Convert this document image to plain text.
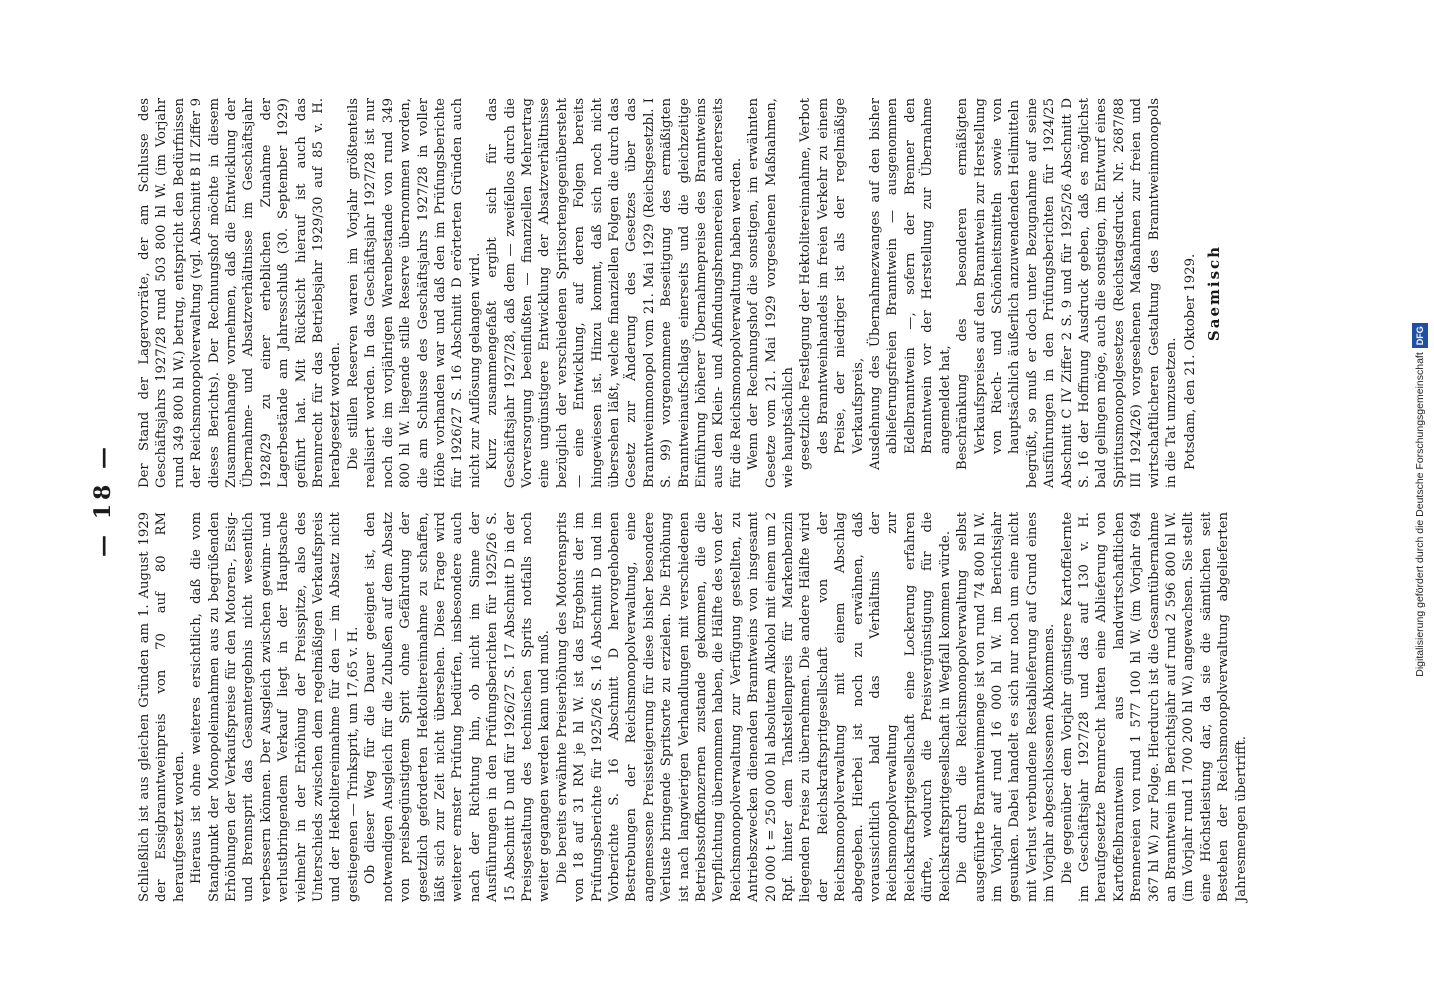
— 18 —

Schließlich ist aus gleichen Gründen am 1. August 1929 der Essigbranntweinpreis von 70 auf 80 RM heraufgesetzt worden. Hieraus ist ohne weiteres ersichtlich, daß die vom Standpunkt der Monopoleinnahmen aus zu begrüßenden Erhöhungen der Verkaufspreise für den Motoren-, Essig- und Brennsprit das Gesamtergebnis nicht wesentlich verbessern können. Der Ausgleich zwischen gewinn- und verlustbringendem Verkauf liegt in der Hauptsache vielmehr in der Erhöhung der Preisspitze, also des Unterschieds zwischen dem regelmäßigen Verkaufspreis und der Hektolitereinnahme für den — im Absatz nicht gestiegenen — Trinksprit, um 17,65 v. H. Ob dieser Weg für die Dauer geeignet ist, den notwendigen Ausgleich für die Zubußen auf dem Absatz von preisbegünstigtem Sprit ohne Gefährdung der gesetzlich geforderten Hektolitereinnahme zu schaffen, läßt sich zur Zeit nicht übersehen. Diese Frage wird weiterer ernster Prüfung bedürfen, insbesondere auch nach der Richtung hin, ob nicht im Sinne der Ausführungen in den Prüfungsberichten für 1925/26 S. 15 Abschnitt D und für 1926/27 S. 17 Abschnitt D in der Preisgestaltung des technischen Sprits notfalls noch weiter gegangen werden kann und muß. Die bereits erwähnte Preiserhöhung des Motorensprits von 18 auf 31 RM je hl W. ist das Ergebnis der im Prüfungsberichte für 1925/26 S. 16 Abschnitt D und im Vorberichte S. 16 Abschnitt D hervorgehobenen Bestrebungen der Reichsmonopolverwaltung, eine angemessene Preissteigerung für diese bisher besondere Verluste bringende Spritsorte zu erzielen. Die Erhöhung ist nach langwierigen Verhandlungen mit verschiedenen Betriebsstoffkonzernen zustande gekommen, die die Verpflichtung übernommen haben, die Hälfte des von der Reichsmonopolverwaltung zur Verfügung gestellten, zu Antriebszwecken dienenden Branntweins von insgesamt 20 000 t = 250 000 hl absolutem Alkohol mit einem um 2 Rpf. hinter dem Tankstellenpreis für Markenbenzin liegenden Preise zu übernehmen. Die andere Hälfte wird der Reichskraftspritgesellschaft von der Reichsmonopolverwaltung mit einem Abschlag abgegeben. Hierbei ist noch zu erwähnen, daß voraussichtlich bald das Verhältnis der Reichsmonopolverwaltung zur Reichskraftspritgesellschaft eine Lockerung erfahren dürfte, wodurch die Preisvergünstigung für die Reichskraftspritgesellschaft in Wegfall kommen würde. Die durch die Reichsmonopolverwaltung selbst ausgeführte Branntweinmenge ist von rund 74 800 hl W. im Vorjahr auf rund 16 000 hl W. im Berichtsjahr gesunken. Dabei handelt es sich nur noch um eine nicht mit Verlust verbundene Restablieferung auf Grund eines im Vorjahr abgeschlossenen Abkommens. Die gegenüber dem Vorjahr günstigere Kartoffelernte im Geschäftsjahr 1927/28 und das auf 130 v. H. heraufgesetzte Brennrecht hatten eine Ablieferung von Kartoffelbranntwein aus landwirtschaftlichen Brennereien von rund 1 577 100 hl W. (im Vorjahr 694 367 hl W.) zur Folge. Hierdurch ist die Gesamtübernahme an Branntwein im Berichtsjahr auf rund 2 596 800 hl W. (im Vorjahr rund 1 700 200 hl W.) angewachsen. Sie stellt eine Höchstleistung dar, da sie die sämtlichen seit Bestehen der Reichsmonopolverwaltung abgelieferten Jahresmengen übertrifft.

Der Stand der Lagervorräte, der am Schlusse des Geschäftsjahrs 1927/28 rund 503 800 hl W. (im Vorjahr rund 349 800 hl W.) betrug, entspricht den Bedürfnissen der Reichsmonopolverwaltung (vgl. Abschnitt B II Ziffer 9 dieses Berichts). Der Rechnungshof möchte in diesem Zusammenhange vornehmen, daß die Entwicklung der Übernahme- und Absatzverhältnisse im Geschäftsjahr 1928/29 zu einer erheblichen Zunahme der Lagerbestände am Jahresschluß (30. September 1929) geführt hat. Mit Rücksicht hierauf ist auch das Brennrecht für das Betriebsjahr 1929/30 auf 85 v. H. herabgesetzt worden. Die stillen Reserven waren im Vorjahr größtenteils realisiert worden. In das Geschäftsjahr 1927/28 ist nur noch die im vorjährigen Warenbestande von rund 349 800 hl W. liegende stille Reserve übernommen worden, die am Schlusse des Geschäftsjahrs 1927/28 in voller Höhe vorhanden war und daß den im Prüfungsberichte für 1926/27 S. 16 Abschnitt D erörterten Gründen auch nicht zur Auflösung gelangen wird. Kurz zusammengefaßt ergibt sich für das Geschäftsjahr 1927/28, daß dem — zweifellos durch die Vorversorgung beeinflußten — finanziellen Mehrertrag eine ungünstigere Entwicklung der Absatzverhältnisse bezüglich der verschiedenen Spritsortengegenübersteht — eine Entwicklung, auf deren Folgen bereits hingewiesen ist. Hinzu kommt, daß sich noch nicht übersehen läßt, welche finanziellen Folgen die durch das Gesetz zur Änderung des Gesetzes über das Branntweinmonopol vom 21. Mai 1929 (Reichsgesetzbl. I S. 99) vorgenommene Beseitigung des ermäßigten Branntweinaufschlags einerseits und die gleichzeitige Einführung höherer Übernahmepreise des Branntweins aus den Klein- und Abfindungsbrennereien andererseits für die Reichsmonopolverwaltung haben werden. Wenn der Rechnungshof die sonstigen, im erwähnten Gesetze vom 21. Mai 1929 vorgesehenen Maßnahmen, wie hauptsächlich gesetzliche Festlegung der Hektolitereinnahme, Verbot des Branntweinhandels im freien Verkehr zu einem Preise, der niedriger ist als der regelmäßige Verkaufspreis, Ausdehnung des Übernahmezwanges auf den bisher ablieferungsfreien Branntwein — ausgenommen Edelbranntwein —, sofern der Brenner den Branntwein vor der Herstellung zur Übernahme angemeldet hat, Beschränkung des besonderen ermäßigten Verkaufspreises auf den Branntwein zur Herstellung von Riech- und Schönheitsmitteln sowie von hauptsächlich äußerlich anzuwendenden Heilmitteln begrüßt, so muß er doch unter Bezugnahme auf seine Ausführungen in den Prüfungsberichten für 1924/25 Abschnitt C IV Ziffer 2 S. 9 und für 1925/26 Abschnitt D S. 16 der Hoffnung Ausdruck geben, daß es möglichst bald gelingen möge, auch die sonstigen, im Entwurf eines Spiritusmonopolgesetzes (Reichstagsdruck. Nr. 2687/88 III 1924/26) vorgesehenen Maßnahmen zur freien und wirtschaftlicheren Gestaltung des Branntweinmonopols in die Tat umzusetzen. Potsdam, den 21. Oktober 1929. Saemisch
Digitalisierung gefördert durch die Deutsche ForschungsgemeinschaftDFG
